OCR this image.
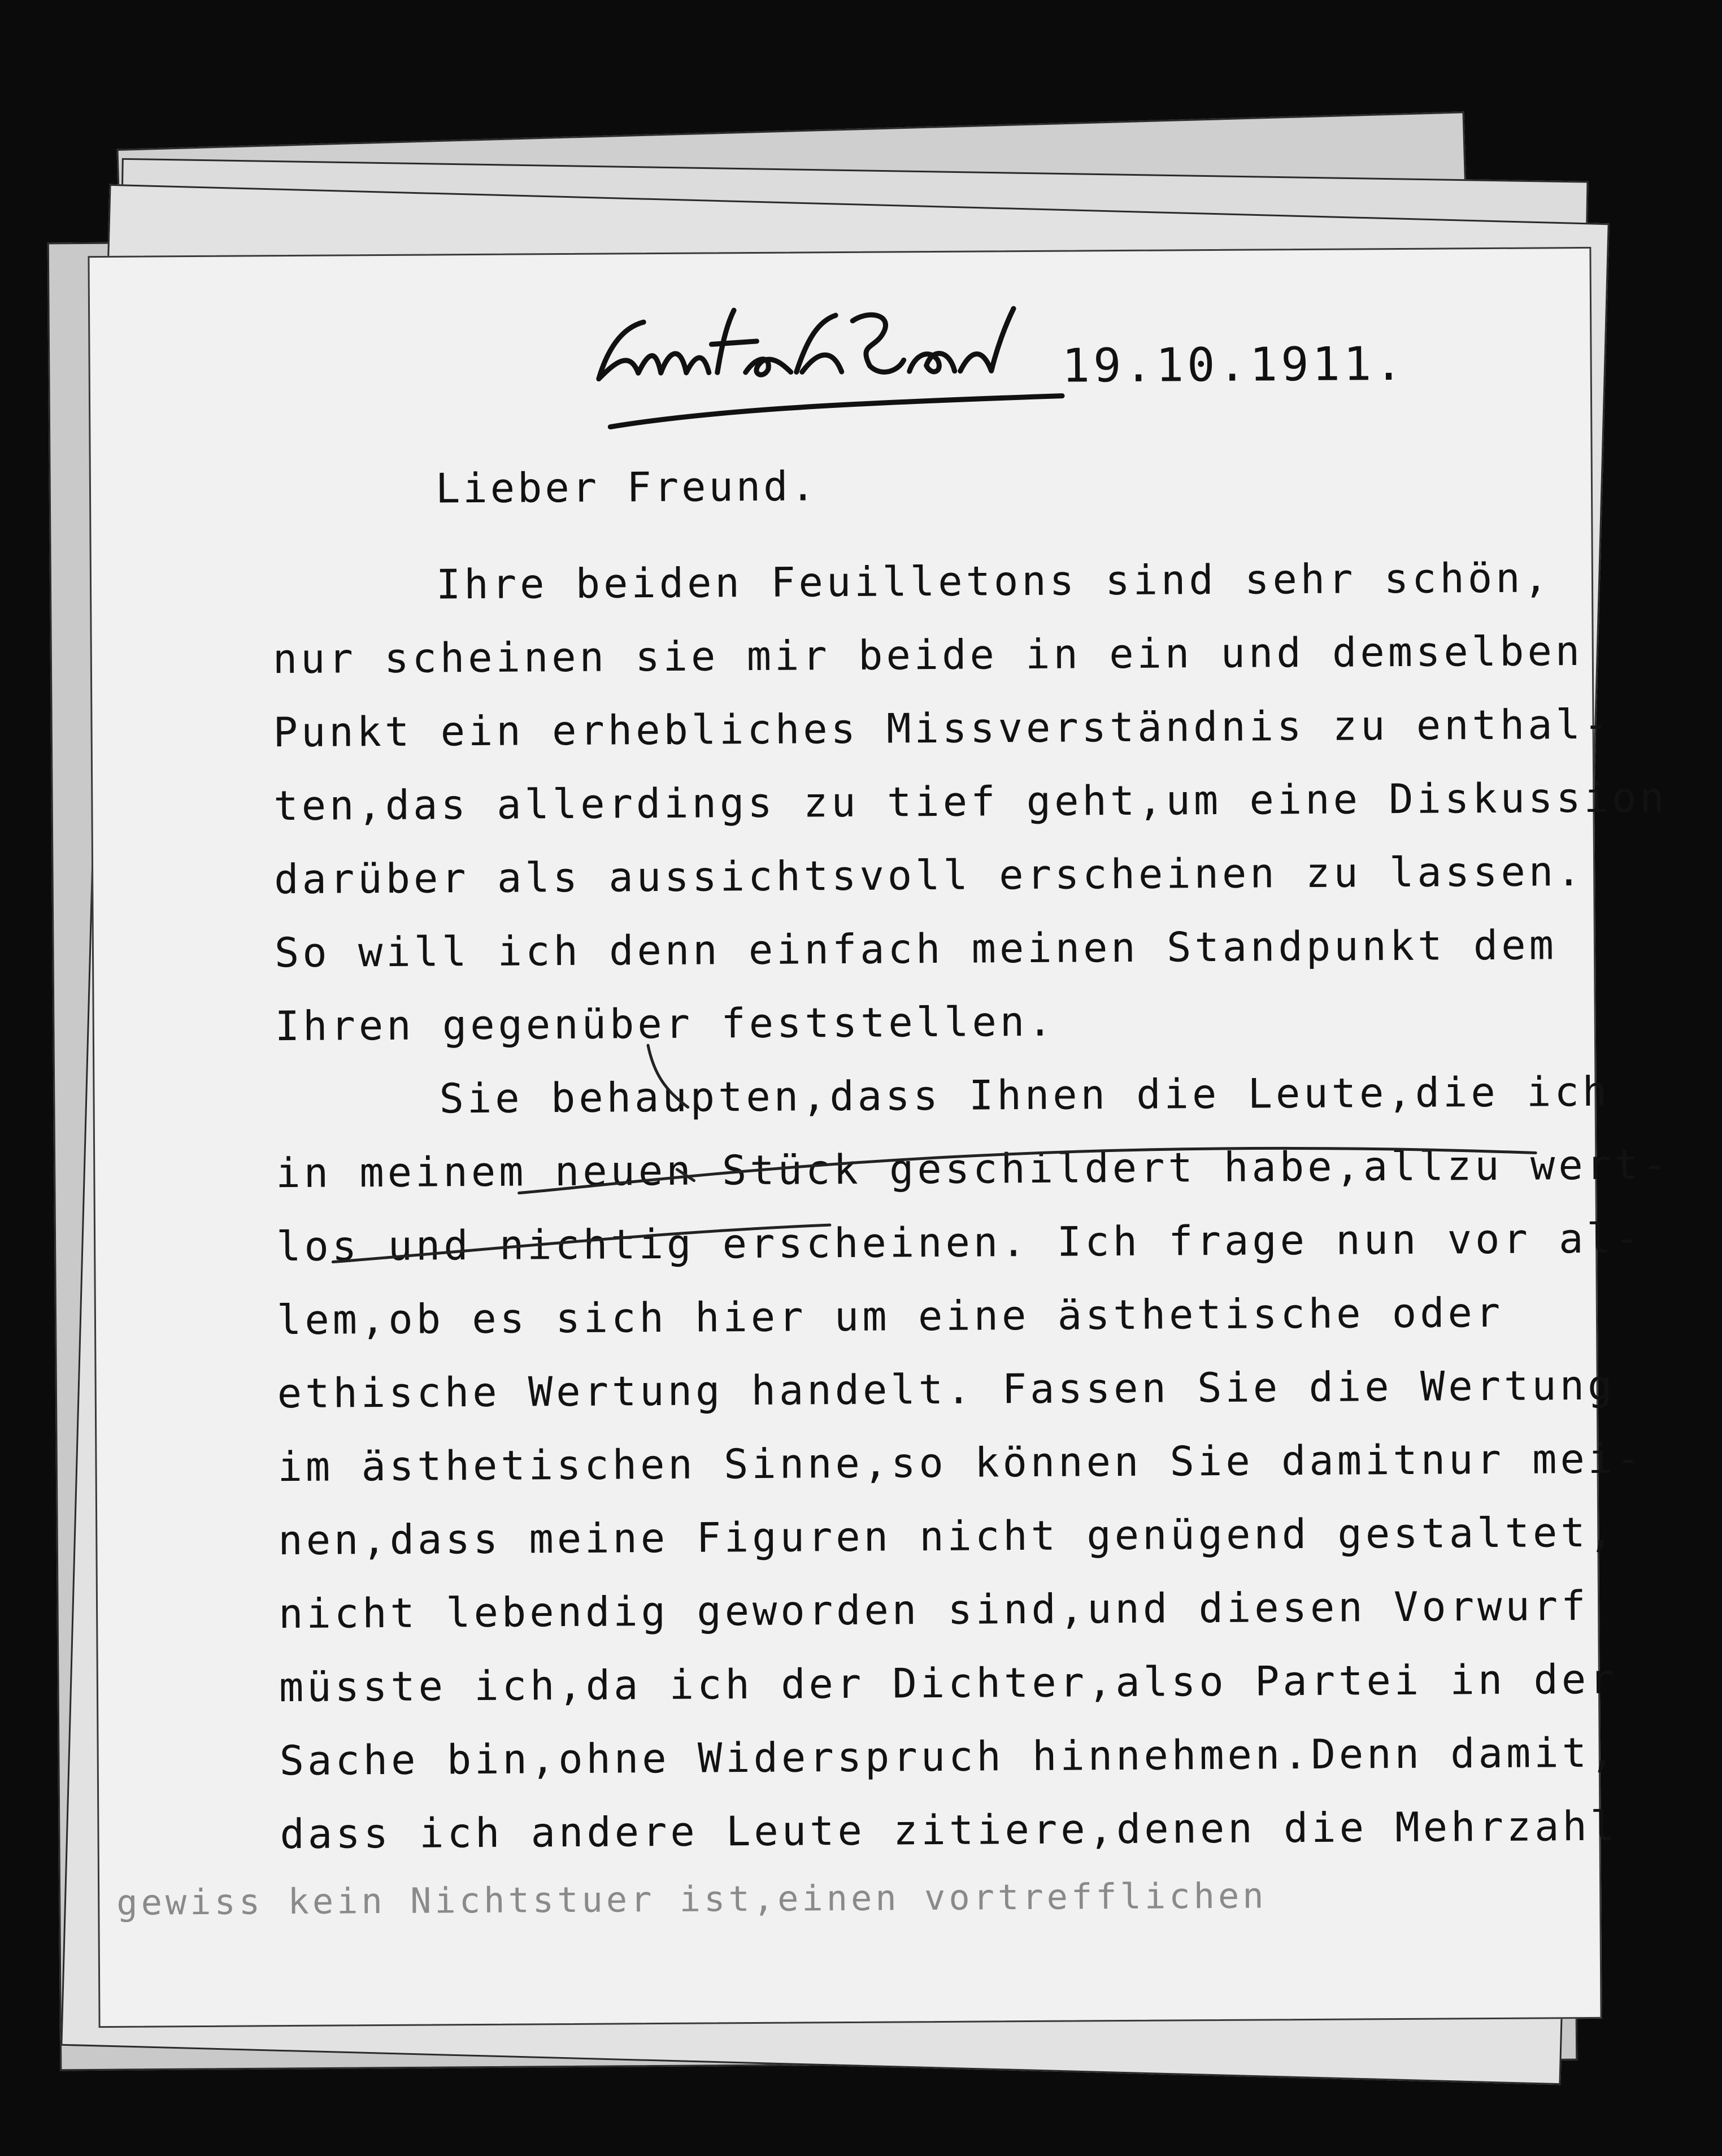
19.10.1911.
Lieber Freund.
Ihre beiden Feuilletons sind sehr schön,
nur scheinen sie mir beide in ein und demselben
Punkt ein erhebliches Missverständnis zu enthal-
ten,das allerdings zu tief geht,um eine Diskussion
darüber als aussichtsvoll erscheinen zu lassen.
So will ich denn einfach meinen Standpunkt dem
Ihren gegenüber feststellen.
Sie behaupten,dass Ihnen die Leute,die ich
in meinem neuen Stück geschildert habe,allzu wert-
los und nichtig erscheinen. Ich frage nun vor al-
lem,ob es sich hier um eine ästhetische oder
ethische Wertung handelt. Fassen Sie die Wertung
im ästhetischen Sinne,so können Sie damitnur mei-
nen,dass meine Figuren nicht genügend gestaltet,
nicht lebendig geworden sind,und diesen Vorwurf
müsste ich,da ich der Dichter,also Partei in der
Sache bin,ohne Widerspruch hinnehmen.Denn damit,
dass ich andere Leute zitiere,denen die Mehrzahl
gewiss kein Nichtstuer ist,einen vortrefflichen
